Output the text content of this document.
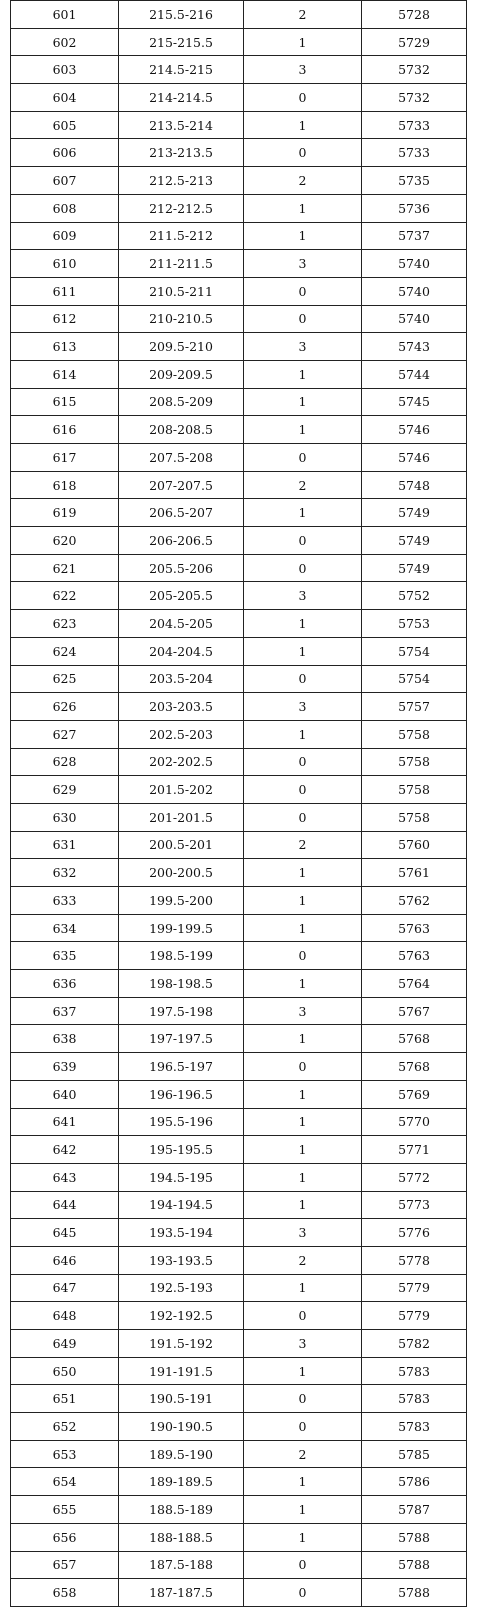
601	215.5-216	2	5728
602	215-215.5	1	5729
603	214.5-215	3	5732
604	214-214.5	0	5732
605	213.5-214	1	5733
606	213-213.5	0	5733
607	212.5-213	2	5735
608	212-212.5	1	5736
609	211.5-212	1	5737
610	211-211.5	3	5740
611	210.5-211	0	5740
612	210-210.5	0	5740
613	209.5-210	3	5743
614	209-209.5	1	5744
615	208.5-209	1	5745
616	208-208.5	1	5746
617	207.5-208	0	5746
618	207-207.5	2	5748
619	206.5-207	1	5749
620	206-206.5	0	5749
621	205.5-206	0	5749
622	205-205.5	3	5752
623	204.5-205	1	5753
624	204-204.5	1	5754
625	203.5-204	0	5754
626	203-203.5	3	5757
627	202.5-203	1	5758
628	202-202.5	0	5758
629	201.5-202	0	5758
630	201-201.5	0	5758
631	200.5-201	2	5760
632	200-200.5	1	5761
633	199.5-200	1	5762
634	199-199.5	1	5763
635	198.5-199	0	5763
636	198-198.5	1	5764
637	197.5-198	3	5767
638	197-197.5	1	5768
639	196.5-197	0	5768
640	196-196.5	1	5769
641	195.5-196	1	5770
642	195-195.5	1	5771
643	194.5-195	1	5772
644	194-194.5	1	5773
645	193.5-194	3	5776
646	193-193.5	2	5778
647	192.5-193	1	5779
648	192-192.5	0	5779
649	191.5-192	3	5782
650	191-191.5	1	5783
651	190.5-191	0	5783
652	190-190.5	0	5783
653	189.5-190	2	5785
654	189-189.5	1	5786
655	188.5-189	1	5787
656	188-188.5	1	5788
657	187.5-188	0	5788
658	187-187.5	0	5788
